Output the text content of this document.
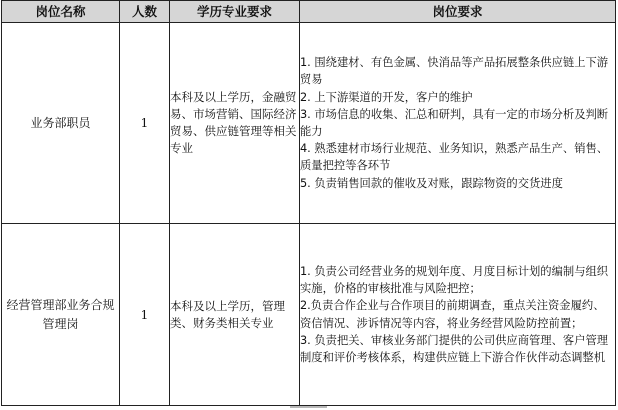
岗位名称	人数	学历专业要求	岗位要求
业务部职员	1	本科及以上学历，金融贸易、市场营销、国际经济贸易、供应链管理等相关专业	1. 围绕建材、有色金属、快消品等产品拓展整条供应链上下游贸易
2. 上下游渠道的开发，客户的维护
3. 市场信息的收集、汇总和研判，具有一定的市场分析及判断能力
4. 熟悉建材市场行业规范、业务知识，熟悉产品生产、销售、质量把控等各环节
5. 负责销售回款的催收及对账，跟踪物资的交货进度

经营管理部业务合规管理岗	1	本科及以上学历，管理类、财务类相关专业	1. 负责公司经营业务的规划年度、月度目标计划的编制与组织实施，价格的审核批准与风险把控；
2.负责合作企业与合作项目的前期调查，重点关注资金履约、资信情况、涉诉情况等内容，将业务经营风险防控前置；
3. 负责把关、审核业务部门提供的公司供应商管理、客户管理制度和评价考核体系，构建供应链上下游合作伙伴动态调整机
